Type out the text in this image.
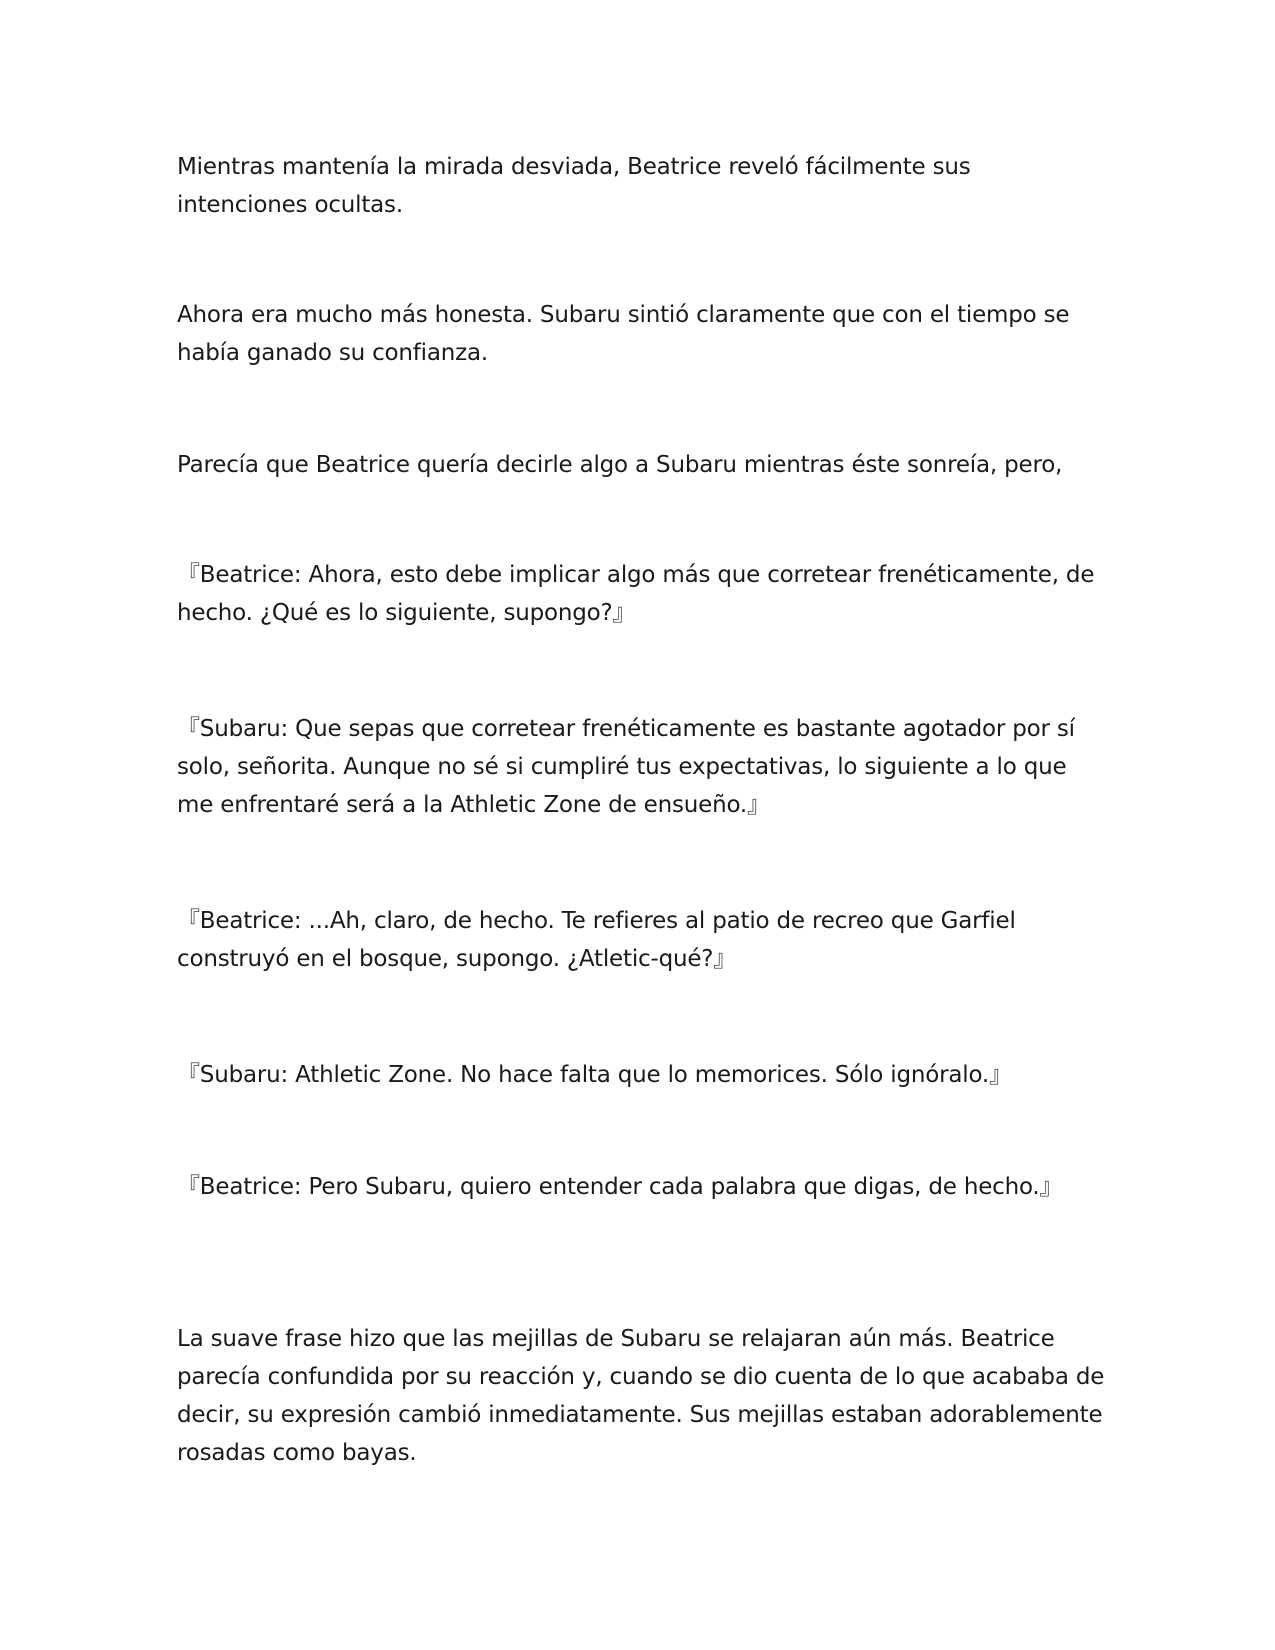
Mientras mantenía la mirada desviada, Beatrice reveló fácilmente sus intenciones ocultas.

Ahora era mucho más honesta. Subaru sintió claramente que con el tiempo se había ganado su confianza.

Parecía que Beatrice quería decirle algo a Subaru mientras éste sonreía, pero,

『Beatrice: Ahora, esto debe implicar algo más que corretear frenéticamente, de hecho. ¿Qué es lo siguiente, supongo?』

『Subaru: Que sepas que corretear frenéticamente es bastante agotador por sí solo, señorita. Aunque no sé si cumpliré tus expectativas, lo siguiente a lo que me enfrentaré será a la Athletic Zone de ensueño.』

『Beatrice: ...Ah, claro, de hecho. Te refieres al patio de recreo que Garfiel construyó en el bosque, supongo. ¿Atletic-qué?』

『Subaru: Athletic Zone. No hace falta que lo memorices. Sólo ignóralo.』

『Beatrice: Pero Subaru, quiero entender cada palabra que digas, de hecho.』

La suave frase hizo que las mejillas de Subaru se relajaran aún más. Beatrice parecía confundida por su reacción y, cuando se dio cuenta de lo que acababa de decir, su expresión cambió inmediatamente. Sus mejillas estaban adorablemente rosadas como bayas.
